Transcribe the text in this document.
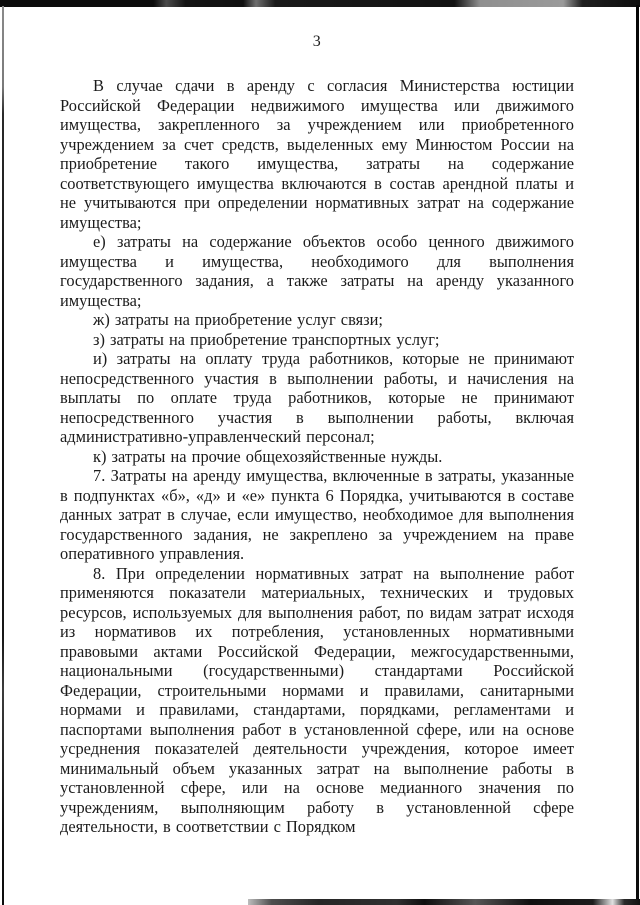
3

В случае сдачи в аренду с согласия Министерства юстиции Российской Федерации недвижимого имущества или движимого имущества, закрепленного за учреждением или приобретенного учреждением за счет средств, выделенных ему Минюстом России на приобретение такого имущества, затраты на содержание соответствующего имущества включаются в состав арендной платы и не учитываются при определении нормативных затрат на содержание имущества;

е) затраты на содержание объектов особо ценного движимого имущества и имущества, необходимого для выполнения государственного задания, а также затраты на аренду указанного имущества;

ж) затраты на приобретение услуг связи;

з) затраты на приобретение транспортных услуг;

и) затраты на оплату труда работников, которые не принимают непосредственного участия в выполнении работы, и начисления на выплаты по оплате труда работников, которые не принимают непосредственного участия в выполнении работы, включая административно-управленческий персонал;

к) затраты на прочие общехозяйственные нужды.

7. Затраты на аренду имущества, включенные в затраты, указанные в подпунктах «б», «д» и «е» пункта 6 Порядка, учитываются в составе данных затрат в случае, если имущество, необходимое для выполнения государственного задания, не закреплено за учреждением на праве оперативного управления.

8. При определении нормативных затрат на выполнение работ применяются показатели материальных, технических и трудовых ресурсов, используемых для выполнения работ, по видам затрат исходя из нормативов их потребления, установленных нормативными правовыми актами Российской Федерации, межгосударственными, национальными (государственными) стандартами Российской Федерации, строительными нормами и правилами, санитарными нормами и правилами, стандартами, порядками, регламентами и паспортами выполнения работ в установленной сфере, или на основе усреднения показателей деятельности учреждения, которое имеет минимальный объем указанных затрат на выполнение работы в установленной сфере, или на основе медианного значения по учреждениям, выполняющим работу в установленной сфере деятельности, в соответствии с Порядком
